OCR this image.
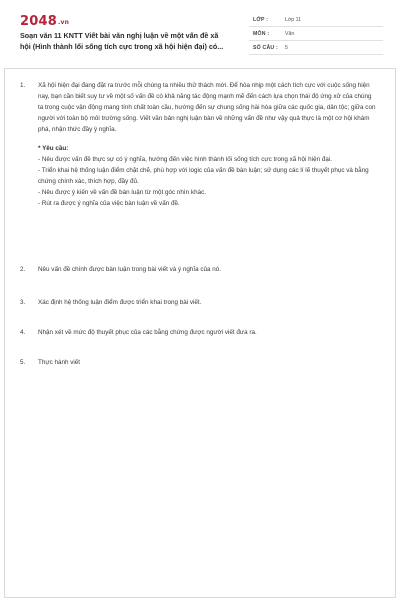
2048.vn
Soạn văn 11 KNTT Viết bài văn nghị luận về một vấn đề xã
hội (Hình thành lối sống tích cực trong xã hội hiện đại) có...
LỚP :	Lớp 11
MÔN :	Văn
SỐ CÂU : 5
1. Xã hội hiện đại đang đặt ra trước mỗi chúng ta nhiều thử thách mới. Để hòa nhịp một cách tích cực với cuộc sống hiện nay, bạn cần biết suy tư về một số vấn đề có khả năng tác động mạnh mẽ đến cách lựa chọn thái độ ứng xử của chúng ta trong cuộc vận động mang tính chất toàn cầu, hướng đến sự chung sống hài hòa giữa các quốc gia, dân tộc; giữa con người với toàn bộ môi trường sống. Viết văn bản nghị luận bàn về những vấn đề như vậy quả thực là một cơ hội khám phá, nhận thức đầy ý nghĩa.
* Yêu cầu:
- Nêu được vấn đề thực sự có ý nghĩa, hướng đến việc hình thành lối sống tích cực trong xã hội hiện đại.
- Triển khai hệ thống luận điểm chặt chẽ, phù hợp với logic của vấn đề bàn luận; sử dụng các lí lẽ thuyết phục và bằng chứng chính xác, thích hợp, đầy đủ.
- Nêu được ý kiến về vấn đề bàn luận từ một góc nhìn khác.
- Rút ra được ý nghĩa của việc bàn luận về vấn đề.
2. Nêu vấn đề chính được bàn luận trong bài viết và ý nghĩa của nó.
3. Xác định hệ thống luận điểm được triển khai trong bài viết.
4. Nhận xét về mức độ thuyết phục của các bằng chứng được người viết đưa ra.
5. Thực hành viết
